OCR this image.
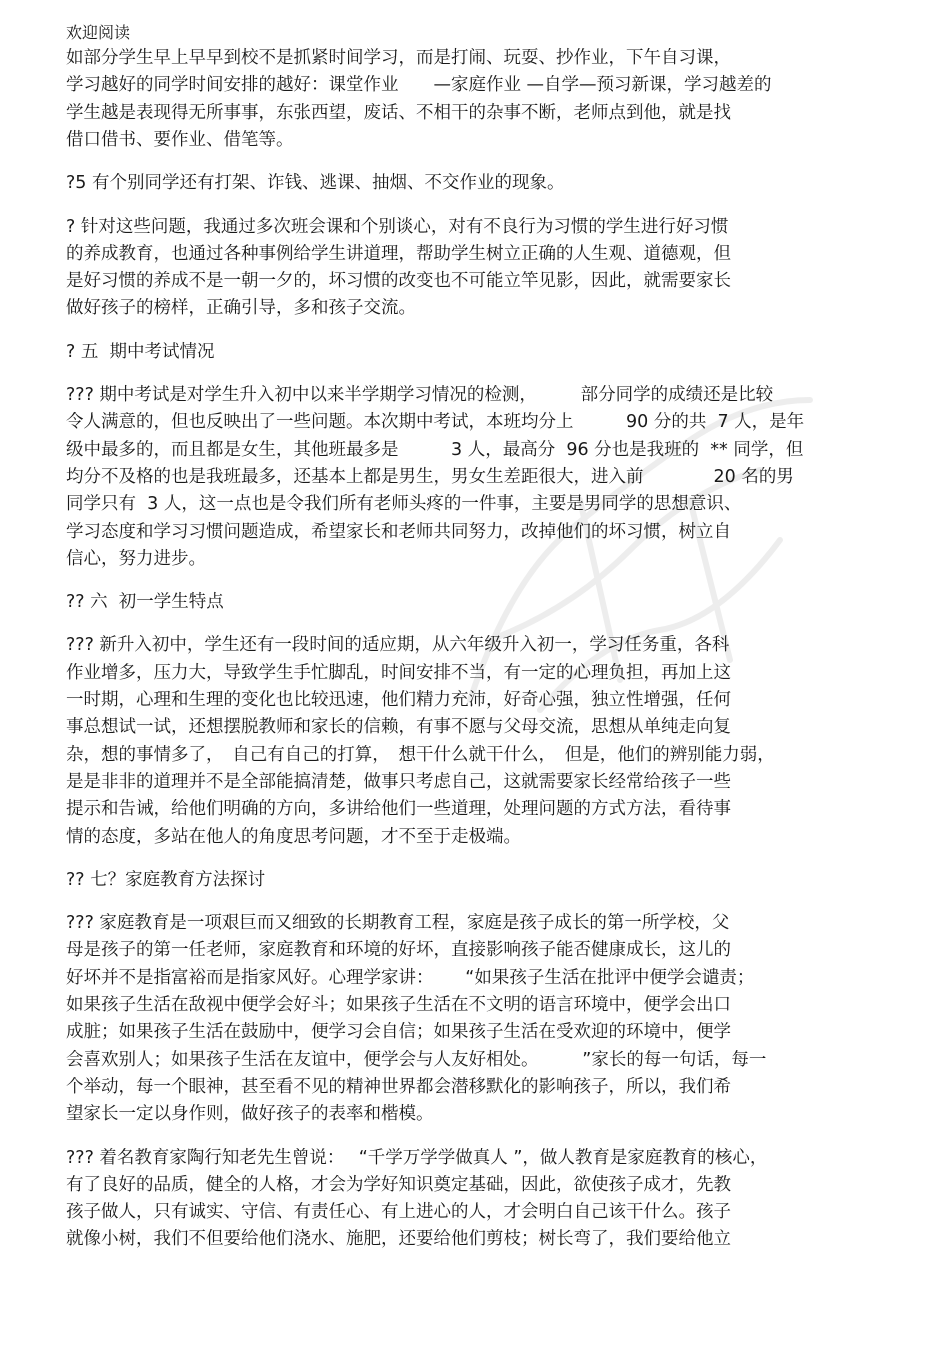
欢迎阅读
如部分学生早上早早到校不是抓紧时间学习，而是打闹、玩耍、抄作业，下午自习课，
学习越好的同学时间安排的越好：课堂作业　　—家庭作业 —自学—预习新课，学习越差的
学生越是表现得无所事事，东张西望，废话、不相干的杂事不断，老师点到他，就是找
借口借书、要作业、借笔等。
?5 有个别同学还有打架、诈钱、逃课、抽烟、不交作业的现象。
? 针对这些问题，我通过多次班会课和个别谈心，对有不良行为习惯的学生进行好习惯
的养成教育，也通过各种事例给学生讲道理，帮助学生树立正确的人生观、道德观，但
是好习惯的养成不是一朝一夕的，坏习惯的改变也不可能立竿见影，因此，就需要家长
做好孩子的榜样，正确引导，多和孩子交流。
? 五  期中考试情况
??? 期中考试是对学生升入初中以来半学期学习情况的检测，　　　部分同学的成绩还是比较
令人满意的，但也反映出了一些问题。本次期中考试，本班均分上　　　90 分的共  7 人，是年
级中最多的，而且都是女生，其他班最多是　　　3 人，最高分  96 分也是我班的  ** 同学，但
均分不及格的也是我班最多，还基本上都是男生，男女生差距很大，进入前　　　　20 名的男
同学只有  3 人，这一点也是令我们所有老师头疼的一件事，主要是男同学的思想意识、
学习态度和学习习惯问题造成，希望家长和老师共同努力，改掉他们的坏习惯，树立自
信心，努力进步。
?? 六  初一学生特点
??? 新升入初中，学生还有一段时间的适应期，从六年级升入初一，学习任务重，各科
作业增多，压力大，导致学生手忙脚乱，时间安排不当，有一定的心理负担，再加上这
一时期，心理和生理的变化也比较迅速，他们精力充沛，好奇心强，独立性增强，任何
事总想试一试，还想摆脱教师和家长的信赖，有事不愿与父母交流，思想从单纯走向复
杂，想的事情多了，　自己有自己的打算，　想干什么就干什么，　但是，他们的辨别能力弱，
是是非非的道理并不是全部能搞清楚，做事只考虑自己，这就需要家长经常给孩子一些
提示和告诫，给他们明确的方向，多讲给他们一些道理，处理问题的方式方法，看待事
情的态度，多站在他人的角度思考问题，才不至于走极端。
?? 七？家庭教育方法探讨
??? 家庭教育是一项艰巨而又细致的长期教育工程，家庭是孩子成长的第一所学校，父
母是孩子的第一任老师，家庭教育和环境的好坏，直接影响孩子能否健康成长，这儿的
好坏并不是指富裕而是指家风好。心理学家讲：　　 “如果孩子生活在批评中便学会谴责；
如果孩子生活在敌视中便学会好斗；如果孩子生活在不文明的语言环境中，便学会出口
成脏；如果孩子生活在鼓励中，便学习会自信；如果孩子生活在受欢迎的环境中，便学
会喜欢别人；如果孩子生活在友谊中，便学会与人友好相处。　　　”家长的每一句话，每一
个举动，每一个眼神，甚至看不见的精神世界都会潜移默化的影响孩子，所以，我们希
望家长一定以身作则，做好孩子的表率和楷模。
??? 着名教育家陶行知老先生曾说：　 “千学万学学做真人 ”，做人教育是家庭教育的核心，
有了良好的品质，健全的人格，才会为学好知识奠定基础，因此，欲使孩子成才，先教
孩子做人，只有诚实、守信、有责任心、有上进心的人，才会明白自己该干什么。孩子
就像小树，我们不但要给他们浇水、施肥，还要给他们剪枝；树长弯了，我们要给他立
